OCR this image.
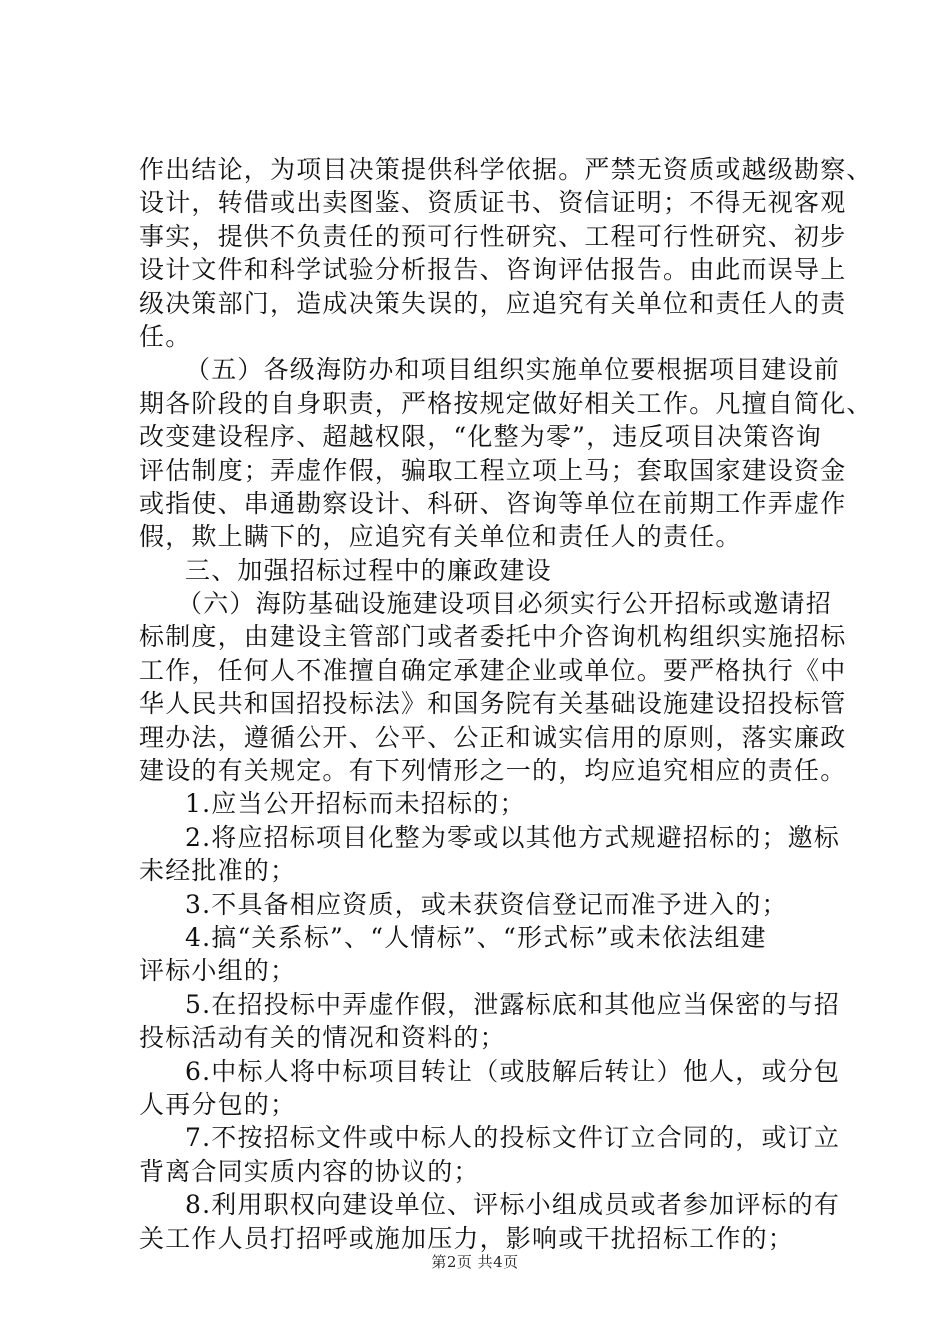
作出结论，为项目决策提供科学依据。严禁无资质或越级勘察、
设计，转借或出卖图鉴、资质证书、资信证明；不得无视客观
事实，提供不负责任的预可行性研究、工程可行性研究、初步
设计文件和科学试验分析报告、咨询评估报告。由此而误导上
级决策部门，造成决策失误的，应追究有关单位和责任人的责
任。
（五）各级海防办和项目组织实施单位要根据项目建设前
期各阶段的自身职责，严格按规定做好相关工作。凡擅自简化、
改变建设程序、超越权限，“化整为零”，违反项目决策咨询
评估制度；弄虚作假，骗取工程立项上马；套取国家建设资金
或指使、串通勘察设计、科研、咨询等单位在前期工作弄虚作
假，欺上瞒下的，应追究有关单位和责任人的责任。
三、加强招标过程中的廉政建设
（六）海防基础设施建设项目必须实行公开招标或邀请招
标制度，由建设主管部门或者委托中介咨询机构组织实施招标
工作，任何人不准擅自确定承建企业或单位。要严格执行《中
华人民共和国招投标法》和国务院有关基础设施建设招投标管
理办法，遵循公开、公平、公正和诚实信用的原则，落实廉政
建设的有关规定。有下列情形之一的，均应追究相应的责任。
1.应当公开招标而未招标的；
2.将应招标项目化整为零或以其他方式规避招标的；邀标
未经批准的；
3.不具备相应资质，或未获资信登记而准予进入的；
4.搞“关系标”、“人情标”、“形式标”或未依法组建
评标小组的；
5.在招投标中弄虚作假，泄露标底和其他应当保密的与招
投标活动有关的情况和资料的；
6.中标人将中标项目转让（或肢解后转让）他人，或分包
人再分包的；
7.不按招标文件或中标人的投标文件订立合同的，或订立
背离合同实质内容的协议的；
8.利用职权向建设单位、评标小组成员或者参加评标的有
关工作人员打招呼或施加压力，影响或干扰招标工作的；
第2页 共4页
